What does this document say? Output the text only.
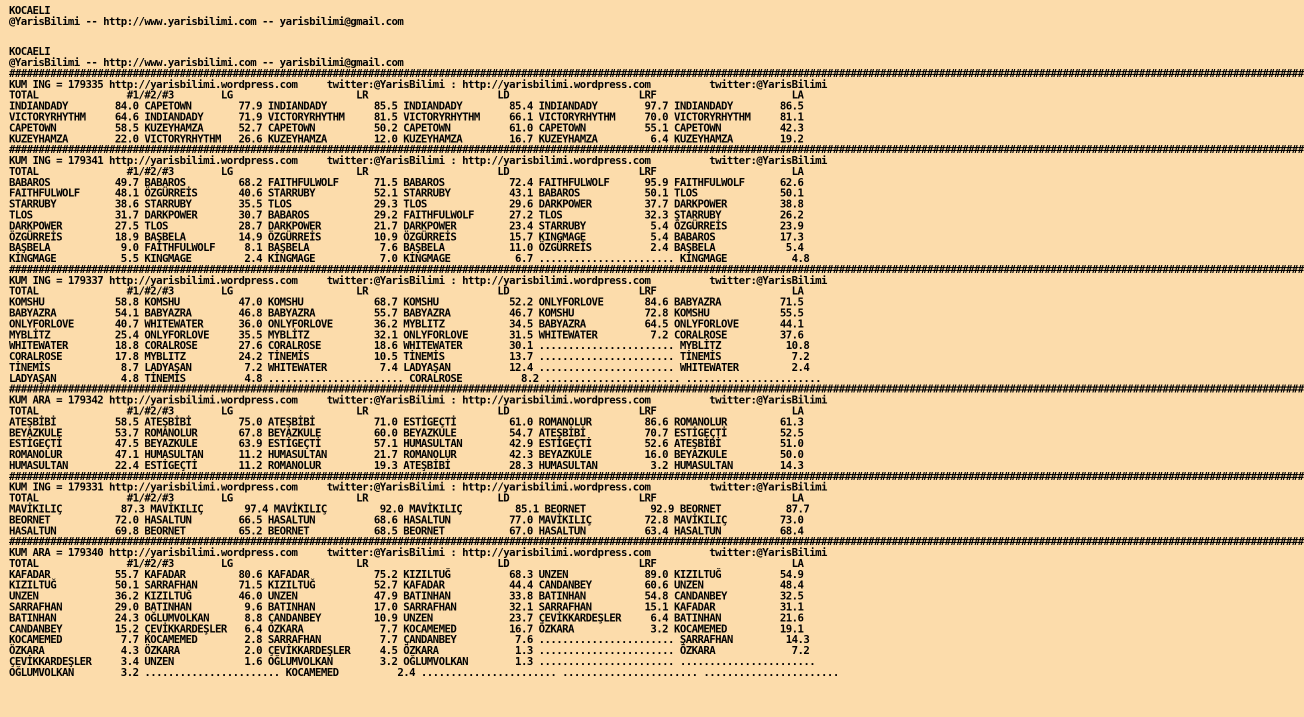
KOCAELI
@YarisBilimi -- http://www.yarisbilimi.com -- yarisbilimi@gmail.com
KOCAELI
@YarisBilimi -- http://www.yarisbilimi.com -- yarisbilimi@gmail.com
############################################################################################################################################################################################################################
KUM ING = 179335 http://yarisbilimi.wordpress.com     twitter:@YarisBilimi : http://yarisbilimi.wordpress.com          twitter:@YarisBilimi
TOTAL               #1/#2/#3        LG                     LR                      LD                      LRF                       LA
INDIANDADY        84.0 CAPETOWN        77.9 INDIANDADY        85.5 INDIANDADY        85.4 INDIANDADY        97.7 INDIANDADY        86.5
VICTORYRHYTHM     64.6 INDIANDADY      71.9 VICTORYRHYTHM     81.5 VICTORYRHYTHM     66.1 VICTORYRHYTHM     70.0 VICTORYRHYTHM     81.1
CAPETOWN          58.5 KUZEYHAMZA      52.7 CAPETOWN          50.2 CAPETOWN          61.0 CAPETOWN          55.1 CAPETOWN          42.3
KUZEYHAMZA        22.0 VICTORYRHYTHM   26.6 KUZEYHAMZA        12.0 KUZEYHAMZA        16.7 KUZEYHAMZA         6.4 KUZEYHAMZA        19.2
############################################################################################################################################################################################################################
KUM ING = 179341 http://yarisbilimi.wordpress.com     twitter:@YarisBilimi : http://yarisbilimi.wordpress.com          twitter:@YarisBilimi
TOTAL               #1/#2/#3        LG                     LR                      LD                      LRF                       LA
BABAROS           49.7 BABAROS         68.2 FAITHFULWOLF      71.5 BABAROS           72.4 FAITHFULWOLF      95.9 FAITHFULWOLF      62.6
FAITHFULWOLF      48.1 ÖZGÜRREİS       40.6 STARRUBY          52.1 STARRUBY          43.1 BABAROS           50.1 TLOS              50.1
STARRUBY          38.6 STARRUBY        35.5 TLOS              29.3 TLOS              29.6 DARKPOWER         37.7 DARKPOWER         38.8
TLOS              31.7 DARKPOWER       30.7 BABAROS           29.2 FAITHFULWOLF      27.2 TLOS              32.3 ŞTARRUBY          26.2
DARKPOWER         27.5 TLOS            28.7 DARKPOWER         21.7 DARKPOWER         23.4 STARRUBY           5.4 ÖZGÜRREİS         23.9
ÖZGÜRREİS         18.9 BAŞBELA         14.9 ÖZGÜRREİS         10.9 ÖZGÜRREİS         15.7 KINGMAGE           5.4 BABAROS           17.3
BAŞBELA            9.0 FAİTHFULWOLF     8.1 BAŞBELA            7.6 BAŞBELA           11.0 ÖZGÜRREİS          2.4 BAŞBELA            5.4
KİNGMAGE           5.5 KINGMAGE         2.4 KİNGMAGE           7.0 KİNGMAGE           6.7 ....................... KİNGMAGE           4.8
############################################################################################################################################################################################################################
KUM ING = 179337 http://yarisbilimi.wordpress.com     twitter:@YarisBilimi : http://yarisbilimi.wordpress.com          twitter:@YarisBilimi
TOTAL               #1/#2/#3        LG                     LR                      LD                      LRF                       LA
KOMSHU            58.8 KOMSHU          47.0 KOMSHU            68.7 KOMSHU            52.2 ONLYFORLOVE       84.6 BABYAZRA          71.5
BABYAZRA          54.1 BABYAZRA        46.8 BABYAZRA          55.7 BABYAZRA          46.7 KOMSHU            72.8 KOMSHU            55.5
ONLYFORLOVE       40.7 WHITEWATER      36.0 ONLYFORLOVE       36.2 MYBLITZ           34.5 BABYAZRA          64.5 ONLYFORLOVE       44.1
MYBLİTZ           25.4 ONLYFORLOVE     35.5 MYBLİTZ           32.1 ONLYFORLOVE       31.5 WHITEWATER         7.2 CORALROSE         37.6
WHITEWATER        18.8 CORALROSE       27.6 CORALROSE         18.6 WHITEWATER        30.1 ....................... MYBLİTZ           10.8
CORALROSE         17.8 MYBLITZ         24.2 TİNEMİS           10.5 TİNEMİS           13.7 ....................... TİNEMİS            7.2
TİNEMİS            8.7 LADYAŞAN         7.2 WHITEWATER         7.4 LADYAŞAN          12.4 ....................... WHITEWATER         2.4
LADYAŞAN           4.8 TİNEMİS          4.8 ....................... CORALROSE          8.2 ....................... .......................
############################################################################################################################################################################################################################
KUM ARA = 179342 http://yarisbilimi.wordpress.com     twitter:@YarisBilimi : http://yarisbilimi.wordpress.com          twitter:@YarisBilimi
TOTAL               #1/#2/#3        LG                     LR                      LD                      LRF                       LA
ATEŞBİBİ          58.5 ATEŞBİBİ        75.0 ATEŞBİBİ          71.0 ESTİGEÇTİ         61.0 ROMANOLUR         86.6 ROMANOLUR         61.3
BEYAZKULE         53.7 ROMANOLUR       67.8 BEYAZKULE         60.0 BEYAZKULE         54.7 ATEŞBİBİ          70.7 ESTİGEÇTİ         52.5
ESTİGEÇTİ         47.5 BEYAZKULE       63.9 ESTİGEÇTİ         57.1 HUMASULTAN        42.9 ESTİGEÇTİ         52.6 ATEŞBİBİ          51.0
ROMANOLUR         47.1 HUMASULTAN      11.2 HUMASULTAN        21.7 ROMANOLUR         42.3 BEYAZKULE         16.0 BEYAZKULE         50.0
HUMASULTAN        22.4 ESTİGEÇTİ       11.2 ROMANOLUR         19.3 ATEŞBİBİ          28.3 HUMASULTAN         3.2 HUMASULTAN        14.3
############################################################################################################################################################################################################################
KUM ING = 179331 http://yarisbilimi.wordpress.com     twitter:@YarisBilimi : http://yarisbilimi.wordpress.com          twitter:@YarisBilimi
TOTAL               #1/#2/#3        LG                     LR                      LD                      LRF                       LA
MAVİKILIÇ          87.3 MAVİKILIÇ       97.4 MAVİKILIÇ         92.0 MAVİKILIÇ         85.1 BEORNET           92.9 BEORNET           87.7
BEORNET           72.0 HASALTUN        66.5 HASALTUN          68.6 HASALTUN          77.0 MAVİKILIÇ         72.8 MAVİKILIÇ         73.0
HASALTUN          69.8 BEORNET         65.2 BEORNET           68.5 BEORNET           67.0 HASALTUN          63.4 HASALTUN          68.4
############################################################################################################################################################################################################################
KUM ARA = 179340 http://yarisbilimi.wordpress.com     twitter:@YarisBilimi : http://yarisbilimi.wordpress.com          twitter:@YarisBilimi
TOTAL               #1/#2/#3        LG                     LR                      LD                      LRF                       LA
KAFADAR           55.7 KAFADAR         80.6 KAFADAR           75.2 KIZILTUĞ          68.3 UNZEN             89.0 KIZILTUĞ          54.9
KIZILTUĞ          50.1 SARRAFHAN       71.5 KIZILTUĞ          52.7 KAFADAR           44.4 CANDANBEY         60.6 UNZEN             48.4
UNZEN             36.2 KIZILTUĞ        46.0 UNZEN             47.9 BATINHAN          33.8 BATINHAN          54.8 CANDANBEY         32.5
SARRAFHAN         29.0 BATINHAN         9.6 BATINHAN          17.0 SARRAFHAN         32.1 SARRAFHAN         15.1 KAFADAR           31.1
BATINHAN          24.3 OĞLUMVOLKAN      8.8 ÇANDANBEY         10.9 UNZEN             23.7 ÇEVİKKARDEŞLER     6.4 BATINHAN          21.6
CANDANBEY         15.2 ÇEVİKKARDEŞLER   6.4 OZKARA             7.7 KOCAMEMED         16.7 ÖZKARA             3.2 KOCAMEMED         19.1
KOCAMEMED          7.7 KOCAMEMED        2.8 SARRAFHAN          7.7 ÇANDANBEY          7.6 ....................... ŞARRAFHAN         14.3
ÖZKARA             4.3 ÖZKARA           2.0 ÇEVİKKARDEŞLER     4.5 ÖZKARA             1.3 ....................... ÖZKARA             7.2
ÇEVİKKARDEŞLER     3.4 UNZEN            1.6 OĞLUMVOLKAN        3.2 OĞLUMVOLKAN        1.3 ....................... .......................
OĞLUMVOLKAN        3.2 ....................... KOCAMEMED          2.4 ....................... ....................... .......................
